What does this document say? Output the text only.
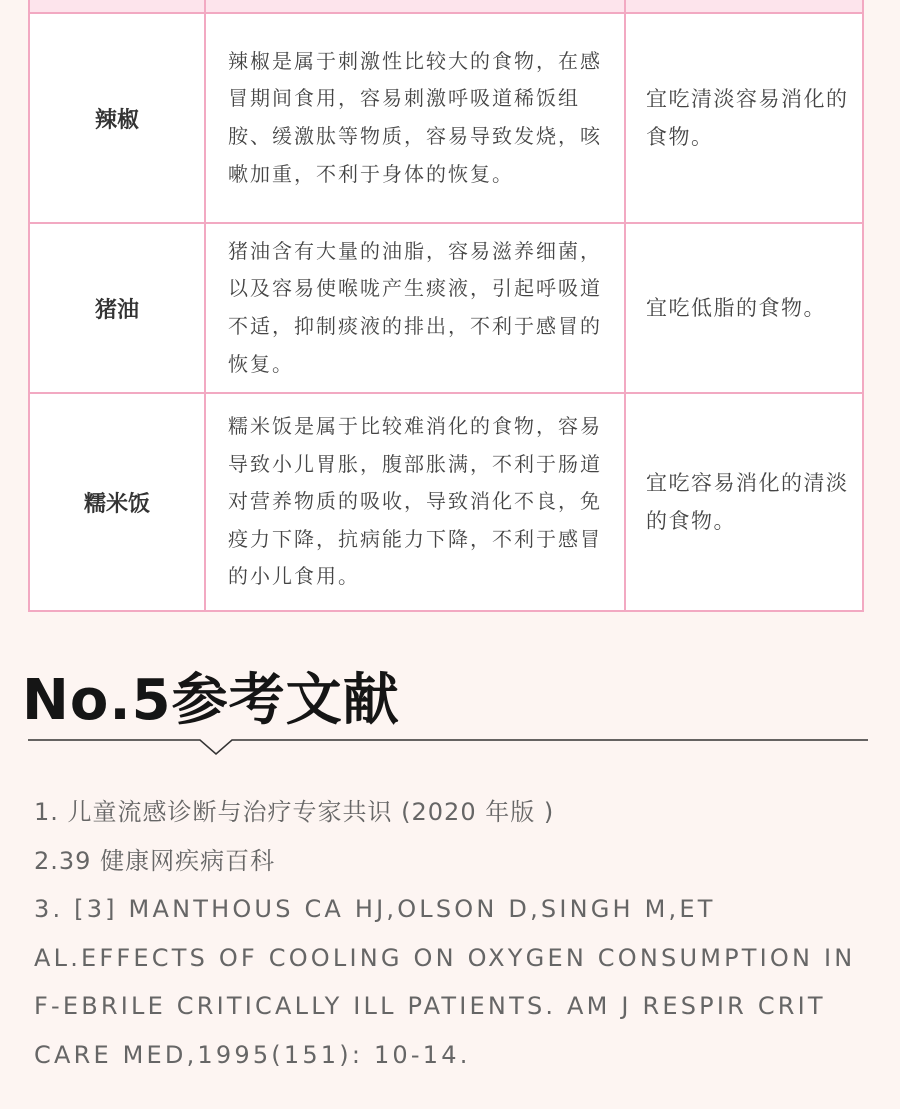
辣椒
辣椒是属于刺激性比较大的食物，在感冒期间食用，容易刺激呼吸道稀饭组胺、缓激肽等物质，容易导致发烧，咳嗽加重，不利于身体的恢复。
宜吃清淡容易消化的食物。
猪油
猪油含有大量的油脂，容易滋养细菌，以及容易使喉咙产生痰液，引起呼吸道不适，抑制痰液的排出，不利于感冒的恢复。
宜吃低脂的食物。
糯米饭
糯米饭是属于比较难消化的食物，容易导致小儿胃胀，腹部胀满，不利于肠道对营养物质的吸收，导致消化不良，免疫力下降，抗病能力下降，不利于感冒的小儿食用。
宜吃容易消化的清淡的食物。
No.5参考文献
1. 儿童流感诊断与治疗专家共识 (2020 年版 )
2.39 健康网疾病百科
3. [3] MANTHOUS CA HJ,OLSON D,SINGH M,ET AL.EFFECTS OF COOLING ON OXYGEN CONSUMPTION IN F-EBRILE CRITICALLY ILL PATIENTS. AM J RESPIR CRIT CARE MED,1995(151): 10-14.
